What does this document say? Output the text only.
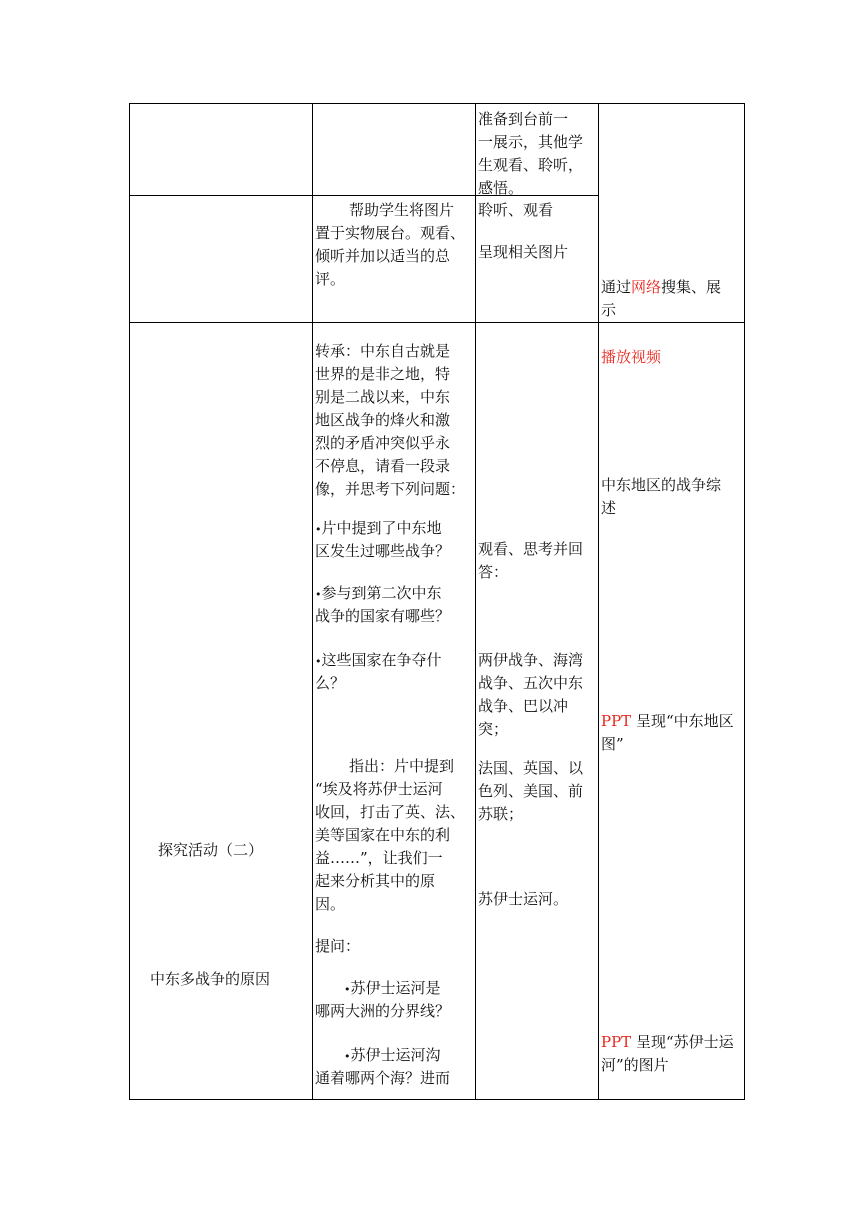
准备到台前一

一展示，其他学

生观看、聆听，

感悟。

帮助学生将图片

置于实物展台。观看、

倾听并加以适当的总

评。

聆听、观看

呈现相关图片

通过网络搜集、展

示

探究活动（二）

中东多战争的原因

转承：中东自古就是

世界的是非之地，特

别是二战以来，中东

地区战争的烽火和激

烈的矛盾冲突似乎永

不停息，请看一段录

像，并思考下列问题：

•片中提到了中东地

区发生过哪些战争？

•参与到第二次中东

战争的国家有哪些？

•这些国家在争夺什

么？

指出：片中提到

“埃及将苏伊士运河

收回，打击了英、法、

美等国家在中东的利

益……”，让我们一

起来分析其中的原

因。

提问：

•苏伊士运河是

哪两大洲的分界线？

•苏伊士运河沟

通着哪两个海？进而

观看、思考并回

答：

两伊战争、海湾

战争、五次中东

战争、巴以冲

突；

法国、英国、以

色列、美国、前

苏联；

苏伊士运河。

播放视频

中东地区的战争综

述

PPT 呈现“中东地区

图”

PPT 呈现“苏伊士运

河”的图片
